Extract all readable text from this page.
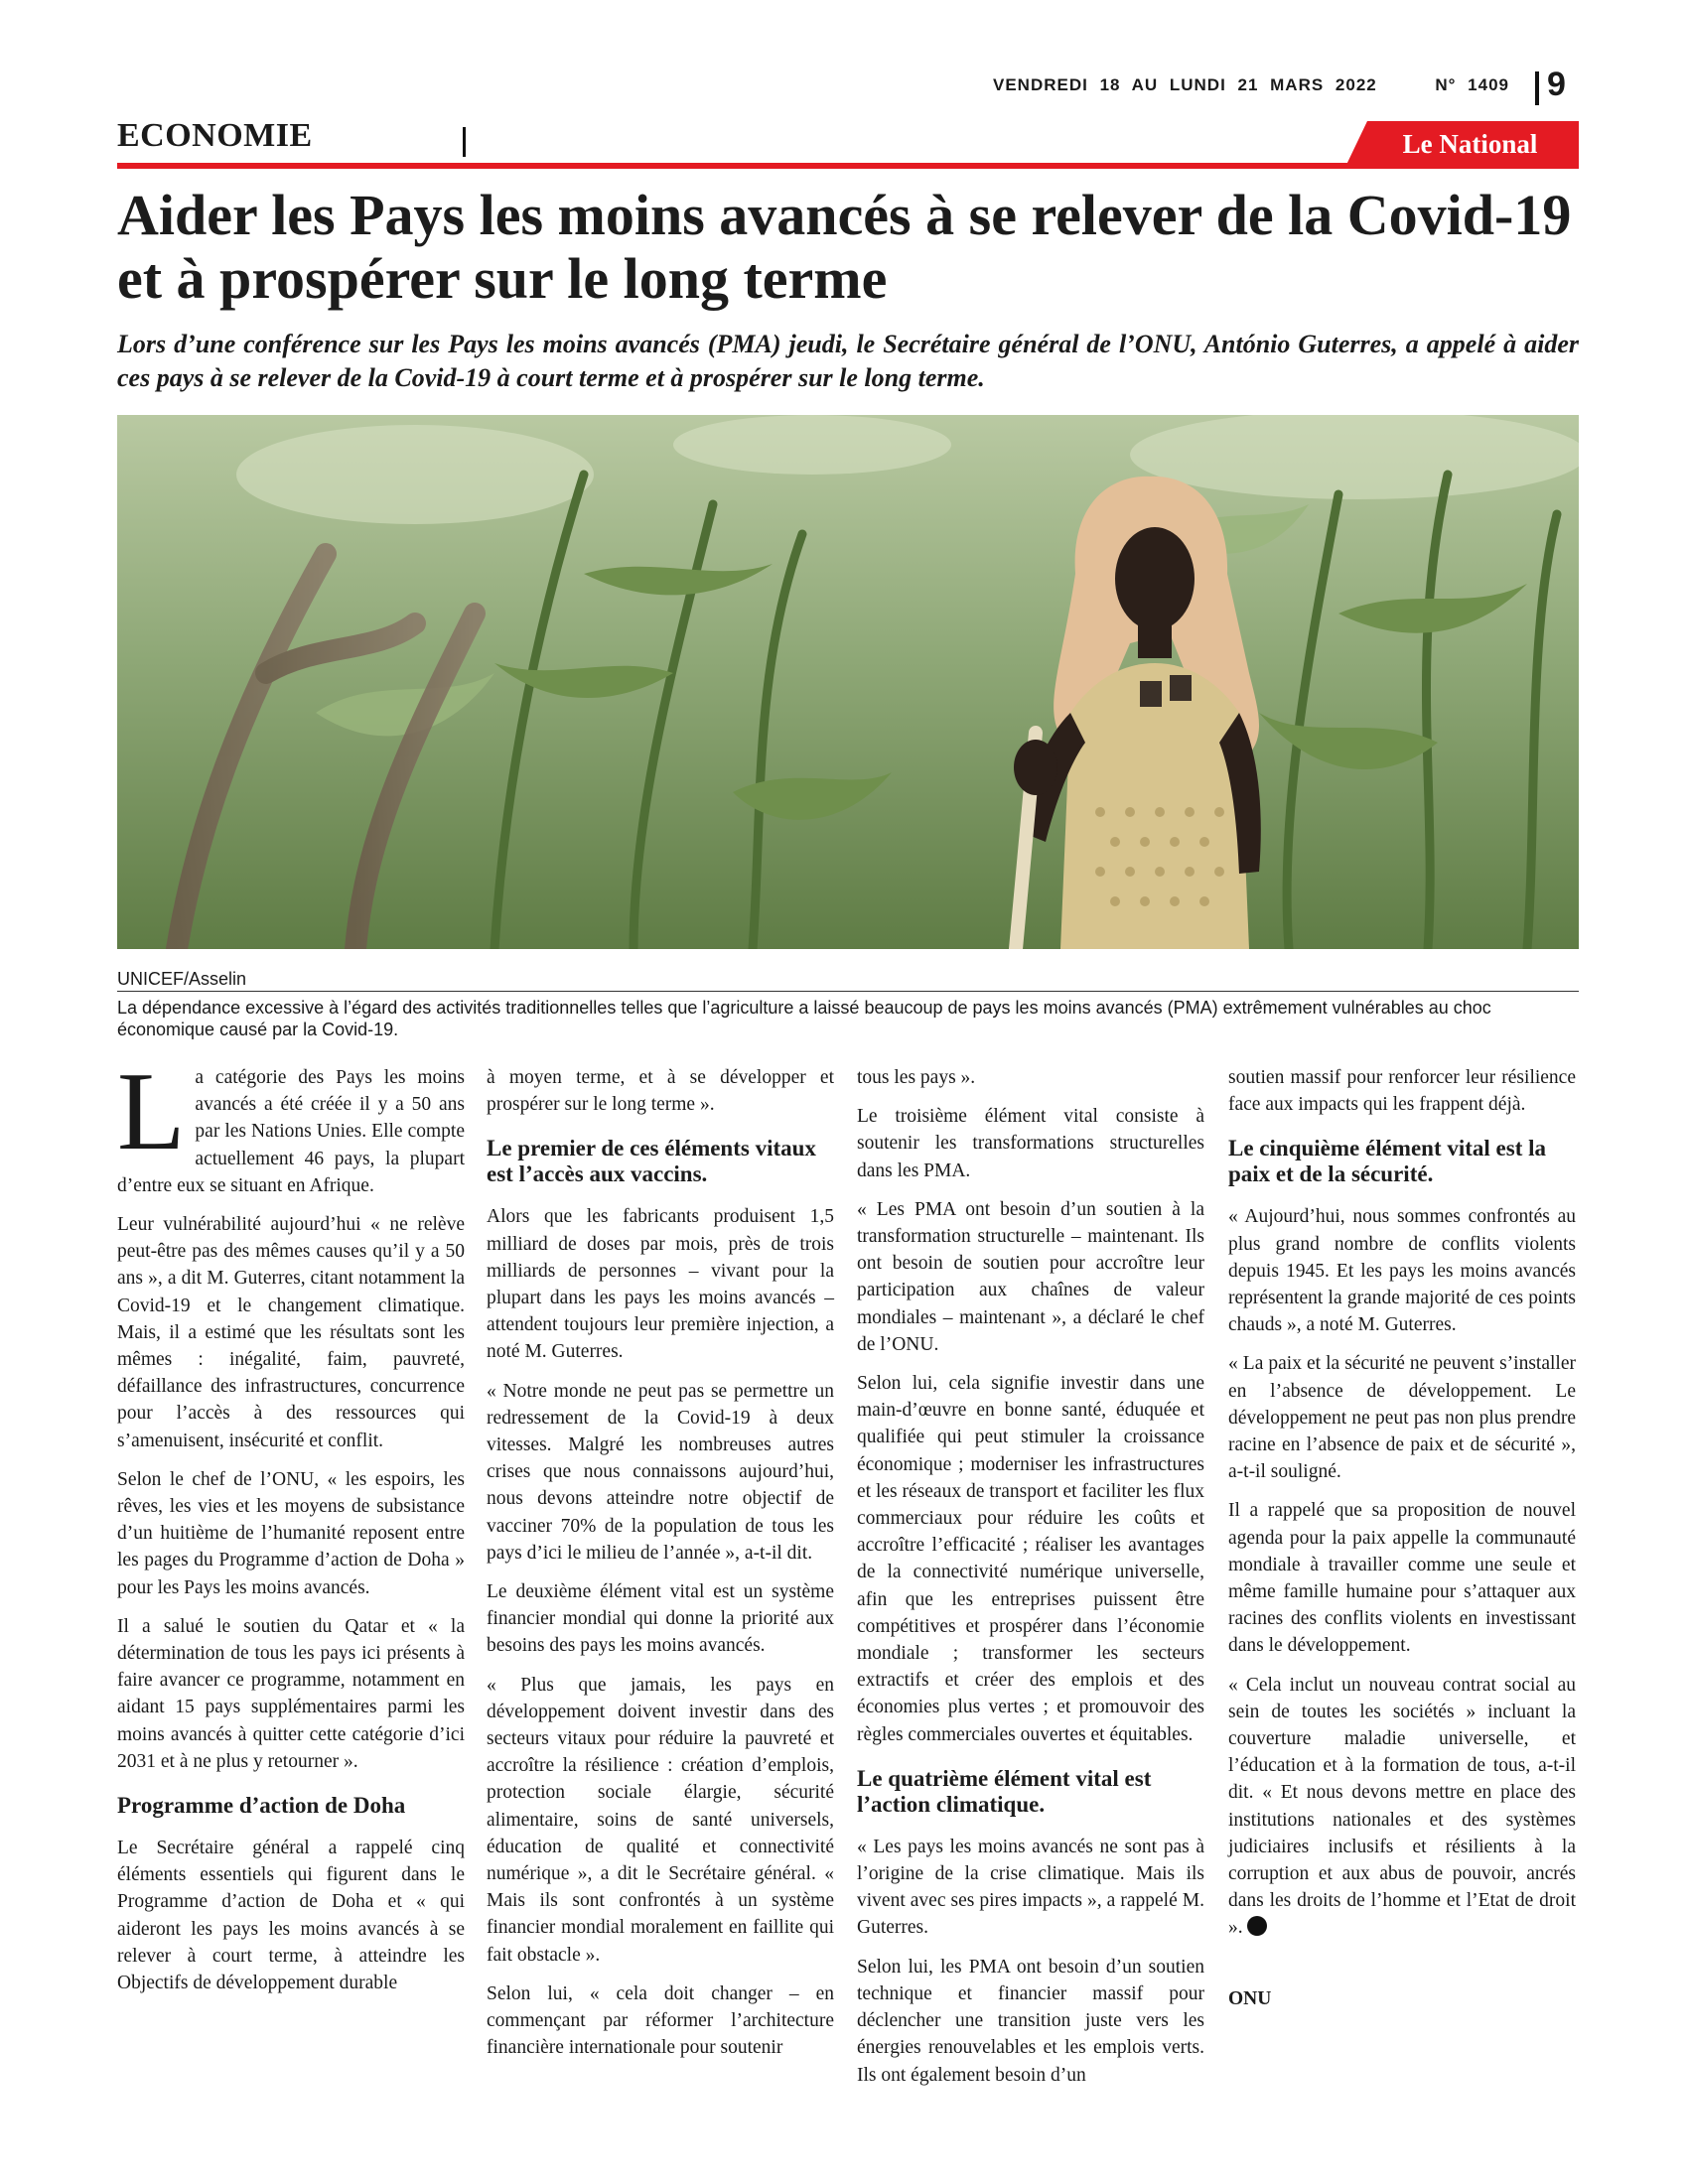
VENDREDI 18 AU LUNDI 21 MARS 2022	N° 1409 9
ECONOMIE	Le National
Aider les Pays les moins avancés à se relever de la Covid-19 et à prospérer sur le long terme
Lors d’une conférence sur les Pays les moins avancés (PMA) jeudi, le Secrétaire général de l’ONU, António Guterres, a appelé à aider ces pays à se relever de la Covid-19 à court terme et à prospérer sur le long terme.
UNICEF/Asselin
La dépendance excessive à l’égard des activités traditionnelles telles que l’agriculture a laissé beaucoup de pays les moins avancés (PMA) extrêmement vulnérables au choc économique causé par la Covid-19.

La catégorie des Pays les moins avancés a été créée il y a 50 ans par les Nations Unies. Elle compte actuellement 46 pays, la plupart d’entre eux se situant en Afrique.

Leur vulnérabilité aujourd’hui « ne relève peut-être pas des mêmes causes qu’il y a 50 ans », a dit M. Guterres, citant notamment la Covid-19 et le changement climatique. Mais, il a estimé que les résultats sont les mêmes : inégalité, faim, pauvreté, défaillance des infrastructures, concurrence pour l’accès à des ressources qui s’amenuisent, insécurité et conflit.

Selon le chef de l’ONU, « les espoirs, les rêves, les vies et les moyens de subsistance d’un huitième de l’humanité reposent entre les pages du Programme d’action de Doha » pour les Pays les moins avancés.

Il a salué le soutien du Qatar et « la détermination de tous les pays ici présents à faire avancer ce programme, notamment en aidant 15 pays supplémentaires parmi les moins avancés à quitter cette catégorie d’ici 2031 et à ne plus y retourner ».

Programme d’action de Doha

Le Secrétaire général a rappelé cinq éléments essentiels qui figurent dans le Programme d’action de Doha et « qui aideront les pays les moins avancés à se relever à court terme, à atteindre les Objectifs de développement durable

à moyen terme, et à se développer et prospérer sur le long terme ».

Le premier de ces éléments vitaux est l’accès aux vaccins.

Alors que les fabricants produisent 1,5 milliard de doses par mois, près de trois milliards de personnes – vivant pour la plupart dans les pays les moins avancés – attendent toujours leur première injection, a noté M. Guterres.

« Notre monde ne peut pas se permettre un redressement de la Covid-19 à deux vitesses. Malgré les nombreuses autres crises que nous connaissons aujourd’hui, nous devons atteindre notre objectif de vacciner 70% de la population de tous les pays d’ici le milieu de l’année », a-t-il dit.

Le deuxième élément vital est un système financier mondial qui donne la priorité aux besoins des pays les moins avancés.

« Plus que jamais, les pays en développement doivent investir dans des secteurs vitaux pour réduire la pauvreté et accroître la résilience : création d’emplois, protection sociale élargie, sécurité alimentaire, soins de santé universels, éducation de qualité et connectivité numérique », a dit le Secrétaire général. « Mais ils sont confrontés à un système financier mondial moralement en faillite qui fait obstacle ».

Selon lui, « cela doit changer – en commençant par réformer l’architecture financière internationale pour soutenir

tous les pays ».

Le troisième élément vital consiste à soutenir les transformations structurelles dans les PMA.

« Les PMA ont besoin d’un soutien à la transformation structurelle – maintenant. Ils ont besoin de soutien pour accroître leur participation aux chaînes de valeur mondiales – maintenant », a déclaré le chef de l’ONU.

Selon lui, cela signifie investir dans une main-d’œuvre en bonne santé, éduquée et qualifiée qui peut stimuler la croissance économique ; moderniser les infrastructures et les réseaux de transport et faciliter les flux commerciaux pour réduire les coûts et accroître l’efficacité ; réaliser les avantages de la connectivité numérique universelle, afin que les entreprises puissent être compétitives et prospérer dans l’économie mondiale ; transformer les secteurs extractifs et créer des emplois et des économies plus vertes ; et promouvoir des règles commerciales ouvertes et équitables.

Le quatrième élément vital est l’action climatique.

« Les pays les moins avancés ne sont pas à l’origine de la crise climatique. Mais ils vivent avec ses pires impacts », a rappelé M. Guterres.

Selon lui, les PMA ont besoin d’un soutien technique et financier massif pour déclencher une transition juste vers les énergies renouvelables et les emplois verts. Ils ont également besoin d’un

soutien massif pour renforcer leur résilience face aux impacts qui les frappent déjà.

Le cinquième élément vital est la paix et de la sécurité.

« Aujourd’hui, nous sommes confrontés au plus grand nombre de conflits violents depuis 1945. Et les pays les moins avancés représentent la grande majorité de ces points chauds », a noté M. Guterres.

« La paix et la sécurité ne peuvent s’installer en l’absence de développement. Le développement ne peut pas non plus prendre racine en l’absence de paix et de sécurité », a-t-il souligné.

Il a rappelé que sa proposition de nouvel agenda pour la paix appelle la communauté mondiale à travailler comme une seule et même famille humaine pour s’attaquer aux racines des conflits violents en investissant dans le développement.

« Cela inclut un nouveau contrat social au sein de toutes les sociétés » incluant la couverture maladie universelle, et l’éducation et à la formation de tous, a-t-il dit. « Et nous devons mettre en place des institutions nationales et des systèmes judiciaires inclusifs et résilients à la corruption et aux abus de pouvoir, ancrés dans les droits de l’homme et l’Etat de droit ».

ONU
